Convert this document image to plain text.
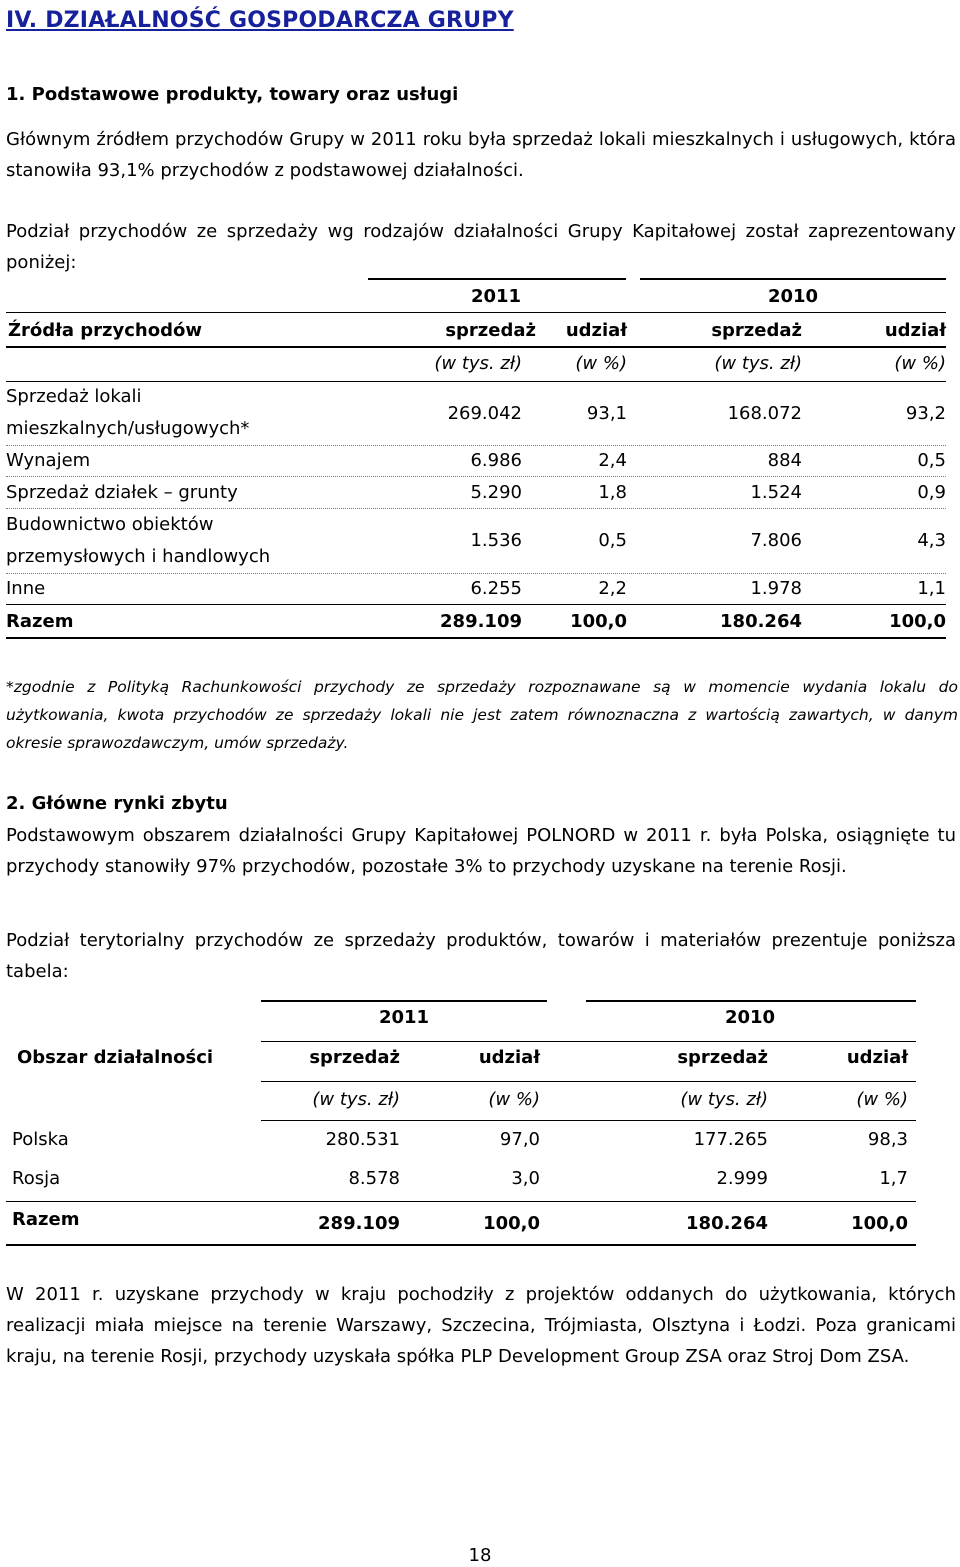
IV. DZIAŁALNOŚĆ GOSPODARCZA GRUPY
1. Podstawowe produkty, towary oraz usługi
Głównym źródłem przychodów Grupy w 2011 roku była sprzedaż lokali mieszkalnych i usługowych, która stanowiła 93,1% przychodów z podstawowej działalności.
Podział przychodów ze sprzedaży wg rodzajów działalności Grupy Kapitałowej został zaprezentowany poniżej:
2011	2010
Źródła przychodów	sprzedaż	udział	sprzedaż	udział
(w tys. zł)	(w %)	(w tys. zł)	(w %)
Sprzedaż lokali
mieszkalnych/usługowych*
269.042	93,1	168.072	93,2
Wynajem	6.986	2,4	884	0,5
Sprzedaż działek – grunty	5.290	1,8	1.524	0,9
Budownictwo obiektów
przemysłowych i handlowych
1.536	0,5	7.806	4,3
Inne	6.255	2,2	1.978	1,1
Razem	289.109	100,0	180.264	100,0
*zgodnie z Polityką Rachunkowości przychody ze sprzedaży rozpoznawane są w momencie wydania lokalu do użytkowania, kwota przychodów ze sprzedaży lokali nie jest zatem równoznaczna z wartością zawartych, w danym okresie sprawozdawczym, umów sprzedaży.
2. Główne rynki zbytu
Podstawowym obszarem działalności Grupy Kapitałowej POLNORD w 2011 r. była Polska, osiągnięte tu przychody stanowiły 97% przychodów, pozostałe 3% to przychody uzyskane na terenie Rosji.
Podział terytorialny przychodów ze sprzedaży produktów, towarów i materiałów prezentuje poniższa tabela:
2011	2010
Obszar działalności	sprzedaż	udział	sprzedaż	udział
(w tys. zł)	(w %)	(w tys. zł)	(w %)
Polska	280.531	97,0	177.265	98,3
Rosja	8.578	3,0	2.999	1,7
Razem	289.109	100,0	180.264	100,0
W 2011 r. uzyskane przychody w kraju pochodziły z projektów oddanych do użytkowania, których realizacji miała miejsce na terenie Warszawy, Szczecina, Trójmiasta, Olsztyna i Łodzi. Poza granicami kraju, na terenie Rosji, przychody uzyskała spółka PLP Development Group ZSA oraz Stroj Dom ZSA.
18
